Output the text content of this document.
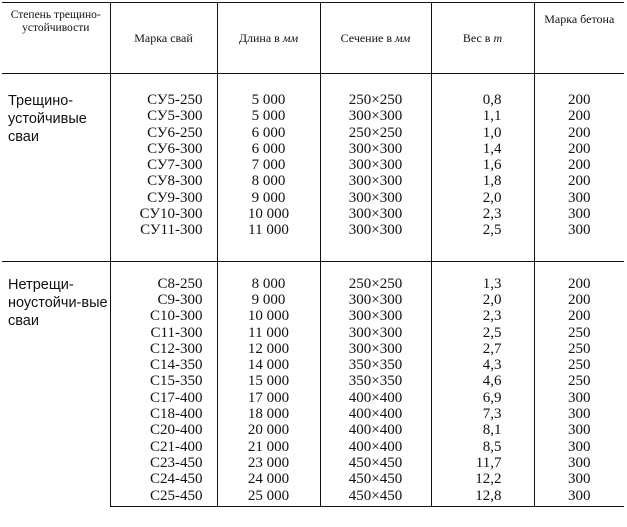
Степень трещино-устойчивости	Марка свай	Длина в мм	Сечение в мм	Вес в т	Марка бетона

Трещино-устойчивые сваи	СУ5-250	5 000	250×250	0,8	200
	СУ5-300	5 000	300×300	1,1	200
	СУ6-250	6 000	250×250	1,0	200
	СУ6-300	6 000	300×300	1,4	200
	СУ7-300	7 000	300×300	1,6	200
	СУ8-300	8 000	300×300	1,8	200
	СУ9-300	9 000	300×300	2,0	300
	СУ10-300	10 000	300×300	2,3	300
	СУ11-300	11 000	300×300	2,5	300

Нетрещи-ноустойчи-вые сваи	С8-250	8 000	250×250	1,3	200
	С9-300	9 000	300×300	2,0	200
	С10-300	10 000	300×300	2,3	200
	С11-300	11 000	300×300	2,5	250
	С12-300	12 000	300×300	2,7	250
	С14-350	14 000	350×350	4,3	250
	С15-350	15 000	350×350	4,6	250
	С17-400	17 000	400×400	6,9	300
	С18-400	18 000	400×400	7,3	300
	С20-400	20 000	400×400	8,1	300
	С21-400	21 000	400×400	8,5	300
	С23-450	23 000	450×450	11,7	300
	С24-450	24 000	450×450	12,2	300
	С25-450	25 000	450×450	12,8	300
